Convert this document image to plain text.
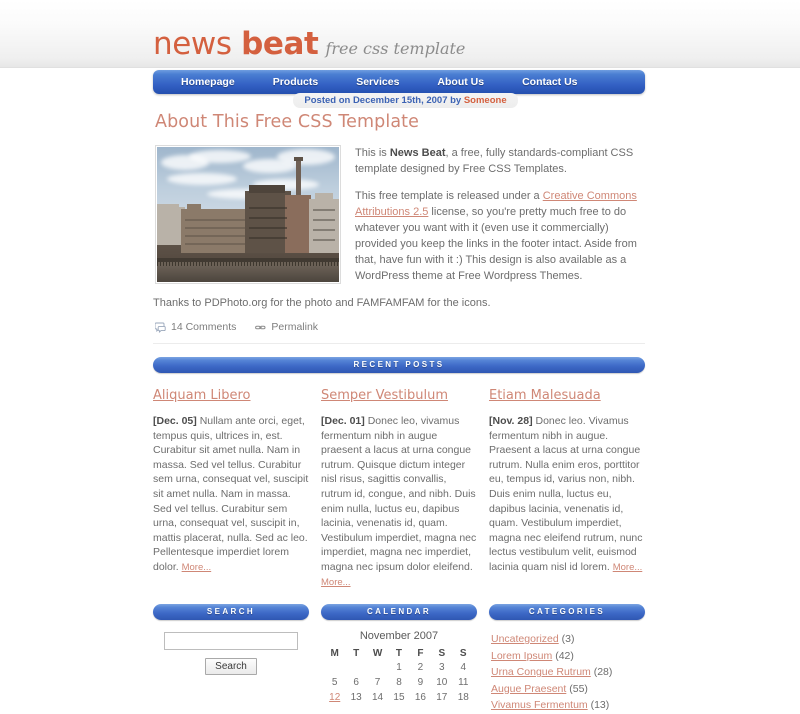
news beat free css template
Homepage	Products	Services	About Us	Contact Us
Posted on December 15th, 2007 by Someone
About This Free CSS Template

This is News Beat, a free, fully standards-compliant CSS template designed by Free CSS Templates.

This free template is released under a Creative Commons Attributions 2.5 license, so you're pretty much free to do whatever you want with it (even use it commercially) provided you keep the links in the footer intact. Aside from that, have fun with it :) This design is also available as a WordPress theme at Free Wordpress Themes.

Thanks to PDPhoto.org for the photo and FAMFAMFAM for the icons.

14 Comments	Permalink
RECENT POSTS
Aliquam Libero

[Dec. 05] Nullam ante orci, eget, tempus quis, ultrices in, est. Curabitur sit amet nulla. Nam in massa. Sed vel tellus. Curabitur sem urna, consequat vel, suscipit sit amet nulla. Nam in massa. Sed vel tellus. Curabitur sem urna, consequat vel, suscipit in, mattis placerat, nulla. Sed ac leo. Pellentesque imperdiet lorem dolor. More...

Semper Vestibulum

[Dec. 01] Donec leo, vivamus fermentum nibh in augue praesent a lacus at urna congue rutrum. Quisque dictum integer nisl risus, sagittis convallis, rutrum id, congue, and nibh. Duis enim nulla, luctus eu, dapibus lacinia, venenatis id, quam. Vestibulum imperdiet, magna nec imperdiet, magna nec imperdiet, magna nec ipsum dolor eleifend. More...

Etiam Malesuada

[Nov. 28] Donec leo. Vivamus fermentum nibh in augue. Praesent a lacus at urna congue rutrum. Nulla enim eros, porttitor eu, tempus id, varius non, nibh. Duis enim nulla, luctus eu, dapibus lacinia, venenatis id, quam. Vestibulum imperdiet, magna nec eleifend rutrum, nunc lectus vestibulum velit, euismod lacinia quam nisl id lorem. More...

SEARCH

Search
CALENDAR
November 2007
M	T	W	T	F	S	S
			1	2	3	4
5	6	7	8	9	10	11
12	13	14	15	16	17	18
CATEGORIES
Uncategorized (3)
Lorem Ipsum (42)
Urna Congue Rutrum (28)
Augue Praesent (55)
Vivamus Fermentum (13)
